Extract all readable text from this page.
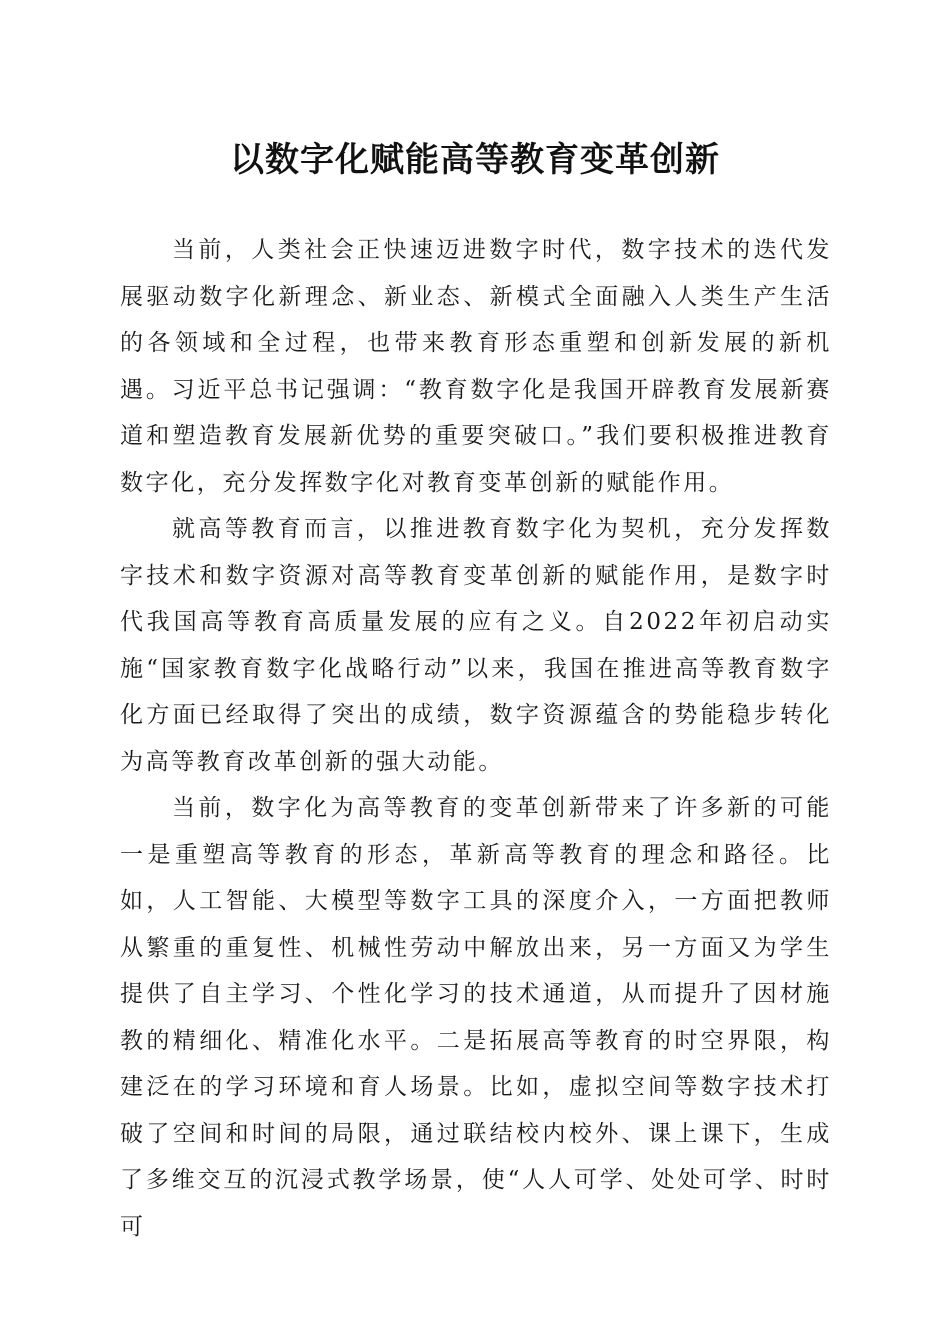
以数字化赋能高等教育变革创新

当前，人类社会正快速迈进数字时代，数字技术的迭代发展驱动数字化新理念、新业态、新模式全面融入人类生产生活的各领域和全过程，也带来教育形态重塑和创新发展的新机遇。习近平总书记强调：“教育数字化是我国开辟教育发展新赛道和塑造教育发展新优势的重要突破口。”我们要积极推进教育数字化，充分发挥数字化对教育变革创新的赋能作用。

就高等教育而言，以推进教育数字化为契机，充分发挥数字技术和数字资源对高等教育变革创新的赋能作用，是数字时代我国高等教育高质量发展的应有之义。自2022年初启动实施“国家教育数字化战略行动”以来，我国在推进高等教育数字化方面已经取得了突出的成绩，数字资源蕴含的势能稳步转化为高等教育改革创新的强大动能。

当前，数字化为高等教育的变革创新带来了许多新的可能一是重塑高等教育的形态，革新高等教育的理念和路径。比如，人工智能、大模型等数字工具的深度介入，一方面把教师从繁重的重复性、机械性劳动中解放出来，另一方面又为学生提供了自主学习、个性化学习的技术通道，从而提升了因材施教的精细化、精准化水平。二是拓展高等教育的时空界限，构建泛在的学习环境和育人场景。比如，虚拟空间等数字技术打破了空间和时间的局限，通过联结校内校外、课上课下，生成了多维交互的沉浸式教学场景，使“人人可学、处处可学、时时可
